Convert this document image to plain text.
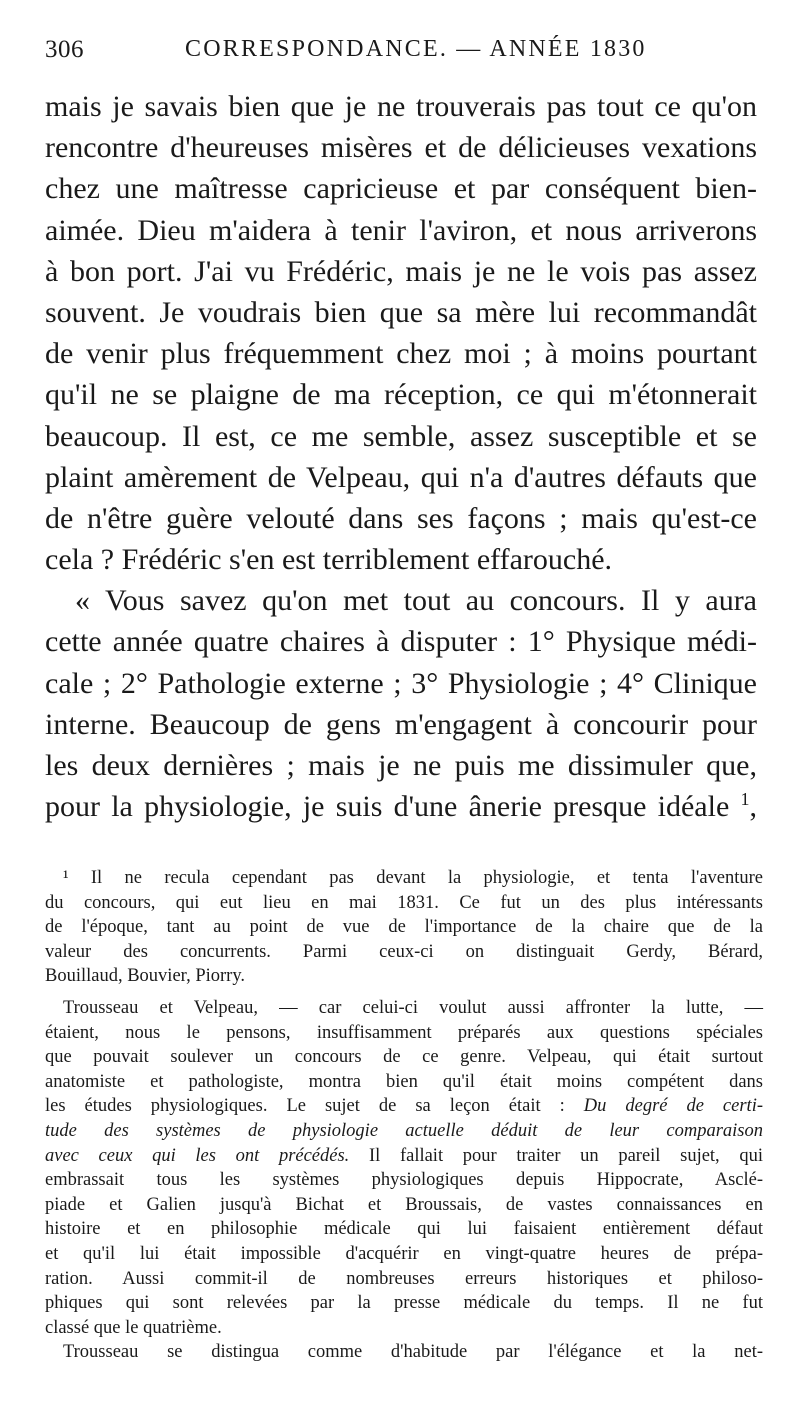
306	CORRESPONDANCE. — ANNÉE 1830
mais je savais bien que je ne trouverais pas tout ce qu'on
rencontre d'heureuses misères et de délicieuses vexations
chez une maîtresse capricieuse et par conséquent bien-
aimée. Dieu m'aidera à tenir l'aviron, et nous arriverons
à bon port. J'ai vu Frédéric, mais je ne le vois pas assez
souvent. Je voudrais bien que sa mère lui recommandât
de venir plus fréquemment chez moi ; à moins pourtant
qu'il ne se plaigne de ma réception, ce qui m'étonnerait
beaucoup. Il est, ce me semble, assez susceptible et se
plaint amèrement de Velpeau, qui n'a d'autres défauts que
de n'être guère velouté dans ses façons ; mais qu'est-ce
cela ? Frédéric s'en est terriblement effarouché.
« Vous savez qu'on met tout au concours. Il y aura
cette année quatre chaires à disputer : 1° Physique médi-
cale ; 2° Pathologie externe ; 3° Physiologie ; 4° Clinique
interne. Beaucoup de gens m'engagent à concourir pour
les deux dernières ; mais je ne puis me dissimuler que,
pour la physiologie, je suis d'une ânerie presque idéale $^1$,
¹ Il ne recula cependant pas devant la physiologie, et tenta l'aventure
du concours, qui eut lieu en mai 1831. Ce fut un des plus intéressants
de l'époque, tant au point de vue de l'importance de la chaire que de la
valeur des concurrents. Parmi ceux-ci on distinguait Gerdy, Bérard,
Bouillaud, Bouvier, Piorry.
Trousseau et Velpeau, — car celui-ci voulut aussi affronter la lutte, —
étaient, nous le pensons, insuffisamment préparés aux questions spéciales
que pouvait soulever un concours de ce genre. Velpeau, qui était surtout
anatomiste et pathologiste, montra bien qu'il était moins compétent dans
les études physiologiques. Le sujet de sa leçon était : Du degré de certi-
tude des systèmes de physiologie actuelle déduit de leur comparaison
avec ceux qui les ont précédés. Il fallait pour traiter un pareil sujet, qui
embrassait tous les systèmes physiologiques depuis Hippocrate, Asclé-
piade et Galien jusqu'à Bichat et Broussais, de vastes connaissances en
histoire et en philosophie médicale qui lui faisaient entièrement défaut
et qu'il lui était impossible d'acquérir en vingt-quatre heures de prépa-
ration. Aussi commit-il de nombreuses erreurs historiques et philoso-
phiques qui sont relevées par la presse médicale du temps. Il ne fut
classé que le quatrième.
Trousseau se distingua comme d'habitude par l'élégance et la net-
